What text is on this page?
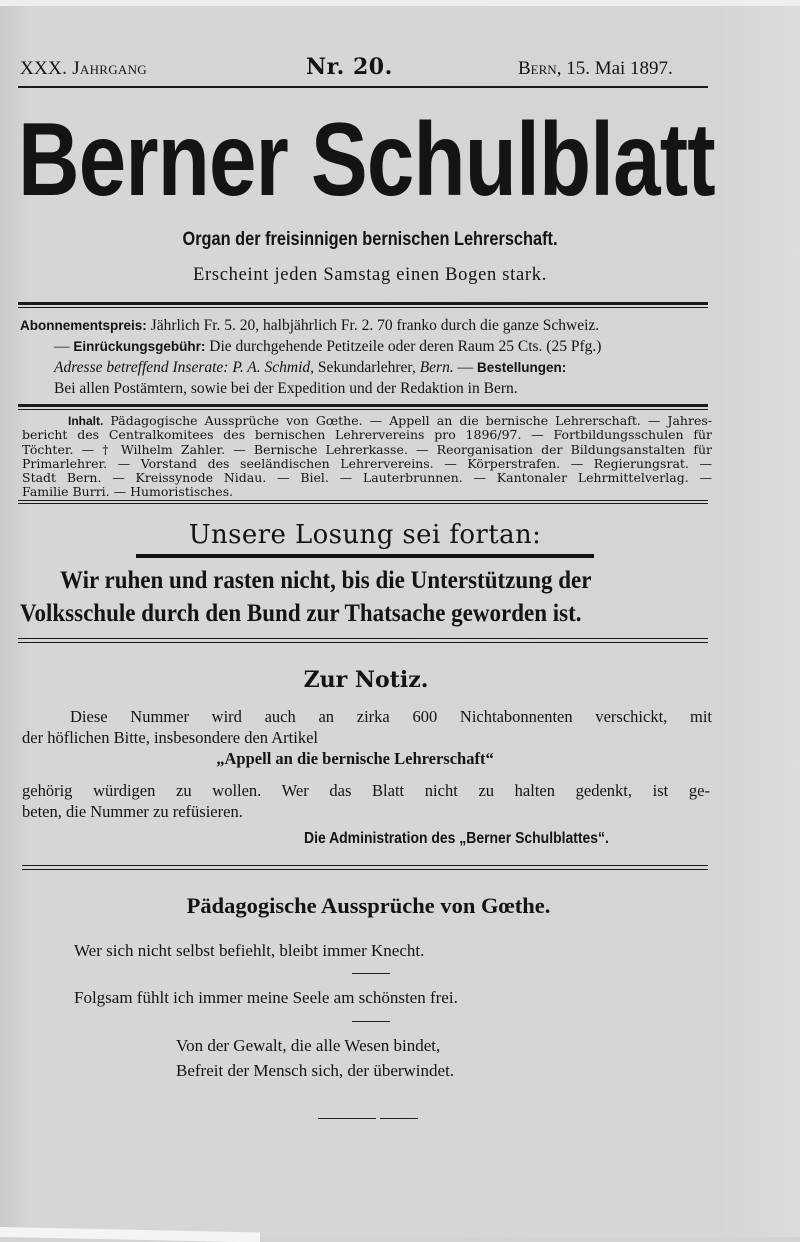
XXX. Jahrgang	Nr. 20.	Bern, 15. Mai 1897.
Berner Schulblatt
Organ der freisinnigen bernischen Lehrerschaft.
Erscheint jeden Samstag einen Bogen stark.
Abonnementspreis: Jährlich Fr. 5. 20, halbjährlich Fr. 2. 70 franko durch die ganze Schweiz.
— Einrückungsgebühr: Die durchgehende Petitzeile oder deren Raum 25 Cts. (25 Pfg.)
Adresse betreffend Inserate: P. A. Schmid, Sekundarlehrer, Bern. — Bestellungen:
Bei allen Postämtern, sowie bei der Expedition und der Redaktion in Bern.
Inhalt. Pädagogische Aussprüche von Gœthe. — Appell an die bernische Lehrerschaft. — Jahres-
bericht des Centralkomitees des bernischen Lehrervereins pro 1896/97. — Fortbildungsschulen für
Töchter. — † Wilhelm Zahler. — Bernische Lehrerkasse. — Reorganisation der Bildungsanstalten für
Primarlehrer. — Vorstand des seeländischen Lehrervereins. — Körperstrafen. — Regierungsrat. —
Stadt Bern. — Kreissynode Nidau. — Biel. — Lauterbrunnen. — Kantonaler Lehrmittelverlag. —
Familie Burri. — Humoristisches.
Unsere Losung sei fortan:
Wir ruhen und rasten nicht, bis die Unterstützung der
Volksschule durch den Bund zur Thatsache geworden ist.
Zur Notiz.
Diese Nummer wird auch an zirka 600 Nichtabonnenten verschickt, mit
der höflichen Bitte, insbesondere den Artikel
„Appell an die bernische Lehrerschaft“
gehörig würdigen zu wollen. Wer das Blatt nicht zu halten gedenkt, ist ge-
beten, die Nummer zu refüsieren.
Die Administration des „Berner Schulblattes“.
Pädagogische Aussprüche von Gœthe.
Wer sich nicht selbst befiehlt, bleibt immer Knecht.
Folgsam fühlt ich immer meine Seele am schönsten frei.
Von der Gewalt, die alle Wesen bindet,
Befreit der Mensch sich, der überwindet.
